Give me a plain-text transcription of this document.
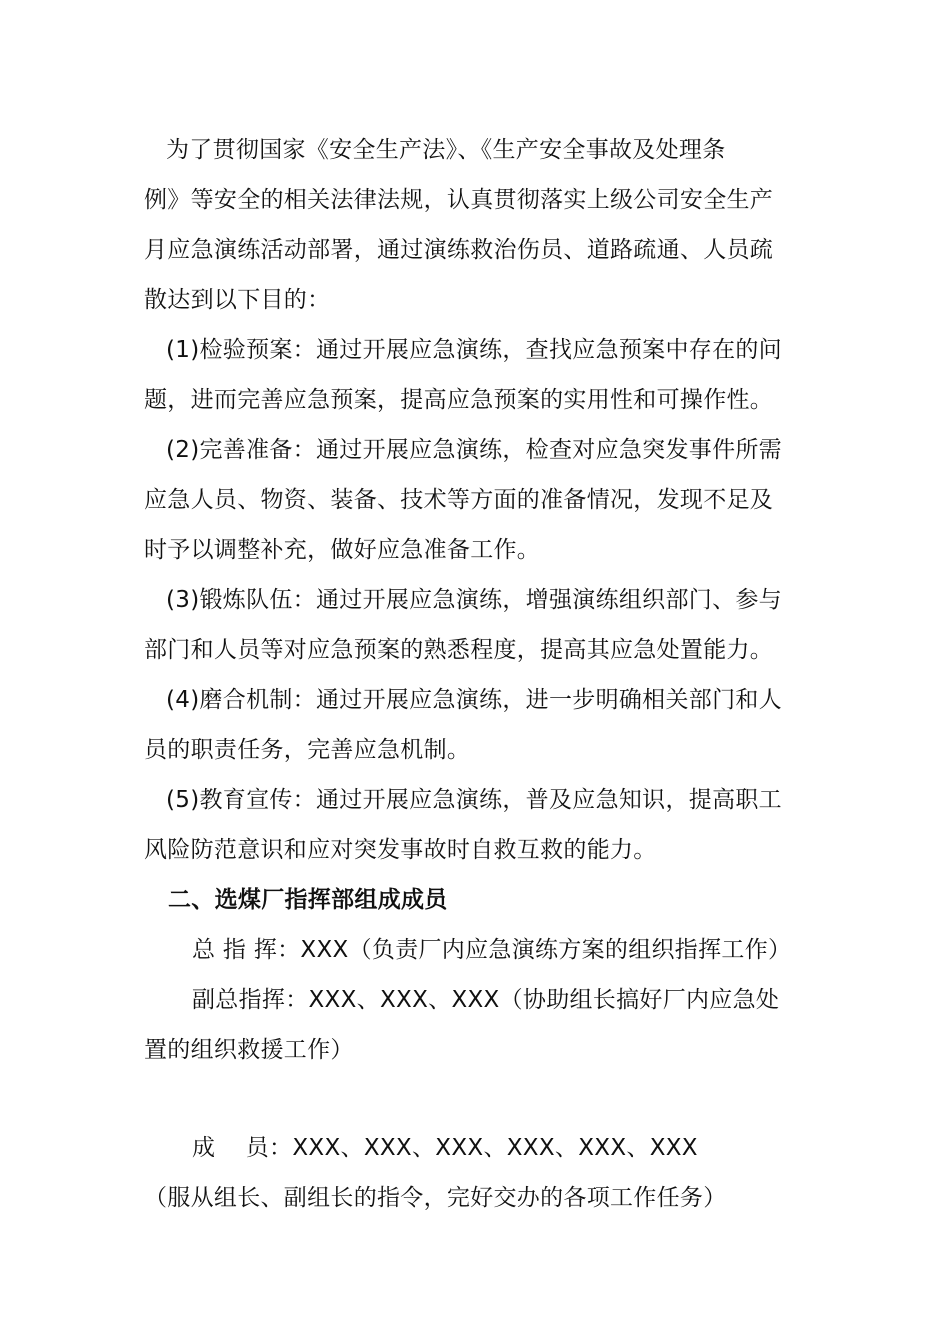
为了贯彻国家《安全生产法》、《生产安全事故及处理条
例》等安全的相关法律法规，认真贯彻落实上级公司安全生产
月应急演练活动部署，通过演练救治伤员、道路疏通、人员疏
散达到以下目的：
(1)检验预案：通过开展应急演练，查找应急预案中存在的问
题，进而完善应急预案，提高应急预案的实用性和可操作性。
(2)完善准备：通过开展应急演练，检查对应急突发事件所需
应急人员、物资、装备、技术等方面的准备情况，发现不足及
时予以调整补充，做好应急准备工作。
(3)锻炼队伍：通过开展应急演练，增强演练组织部门、参与
部门和人员等对应急预案的熟悉程度，提高其应急处置能力。
(4)磨合机制：通过开展应急演练，进一步明确相关部门和人
员的职责任务，完善应急机制。
(5)教育宣传：通过开展应急演练，普及应急知识，提高职工
风险防范意识和应对突发事故时自救互救的能力。
二、选煤厂指挥部组成成员
总 指 挥：XXX（负责厂内应急演练方案的组织指挥工作）
副总指挥：XXX、XXX、XXX（协助组长搞好厂内应急处
置的组织救援工作）
成    员：XXX、XXX、XXX、XXX、XXX、XXX
（服从组长、副组长的指令，完好交办的各项工作任务）
